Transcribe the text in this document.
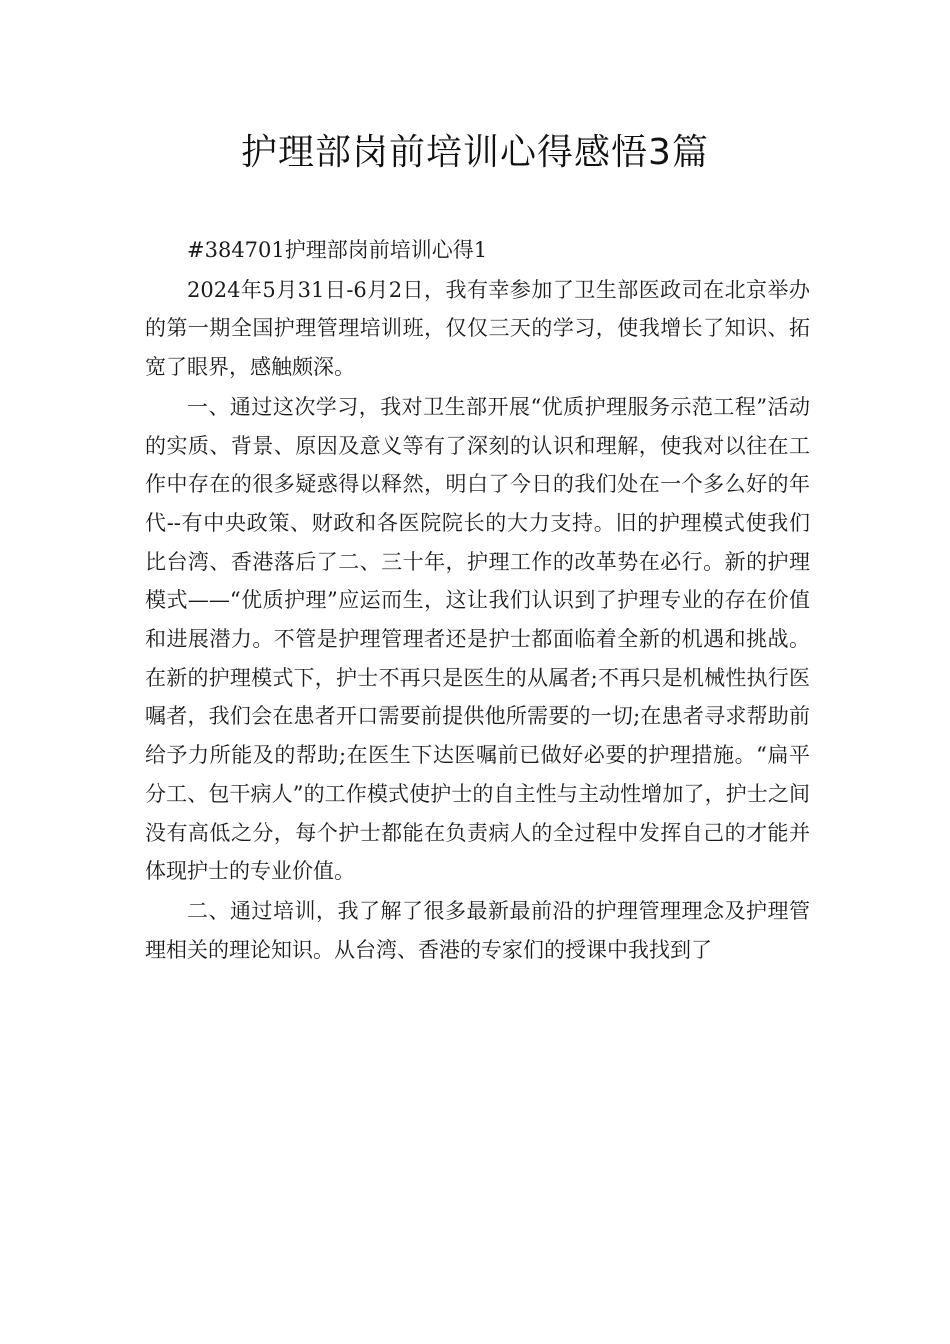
护理部岗前培训心得感悟3篇

#384701护理部岗前培训心得1

2024年5月31日-6月2日，我有幸参加了卫生部医政司在北京举办的第一期全国护理管理培训班，仅仅三天的学习，使我增长了知识、拓宽了眼界，感触颇深。

一、通过这次学习，我对卫生部开展“优质护理服务示范工程”活动的实质、背景、原因及意义等有了深刻的认识和理解，使我对以往在工作中存在的很多疑惑得以释然，明白了今日的我们处在一个多么好的年代--有中央政策、财政和各医院院长的大力支持。旧的护理模式使我们比台湾、香港落后了二、三十年，护理工作的改革势在必行。新的护理模式——“优质护理”应运而生，这让我们认识到了护理专业的存在价值和进展潜力。不管是护理管理者还是护士都面临着全新的机遇和挑战。在新的护理模式下，护士不再只是医生的从属者;不再只是机械性执行医嘱者，我们会在患者开口需要前提供他所需要的一切;在患者寻求帮助前给予力所能及的帮助;在医生下达医嘱前已做好必要的护理措施。“扁平分工、包干病人”的工作模式使护士的自主性与主动性增加了，护士之间没有高低之分，每个护士都能在负责病人的全过程中发挥自己的才能并体现护士的专业价值。

二、通过培训，我了解了很多最新最前沿的护理管理理念及护理管理相关的理论知识。从台湾、香港的专家们的授课中我找到了
